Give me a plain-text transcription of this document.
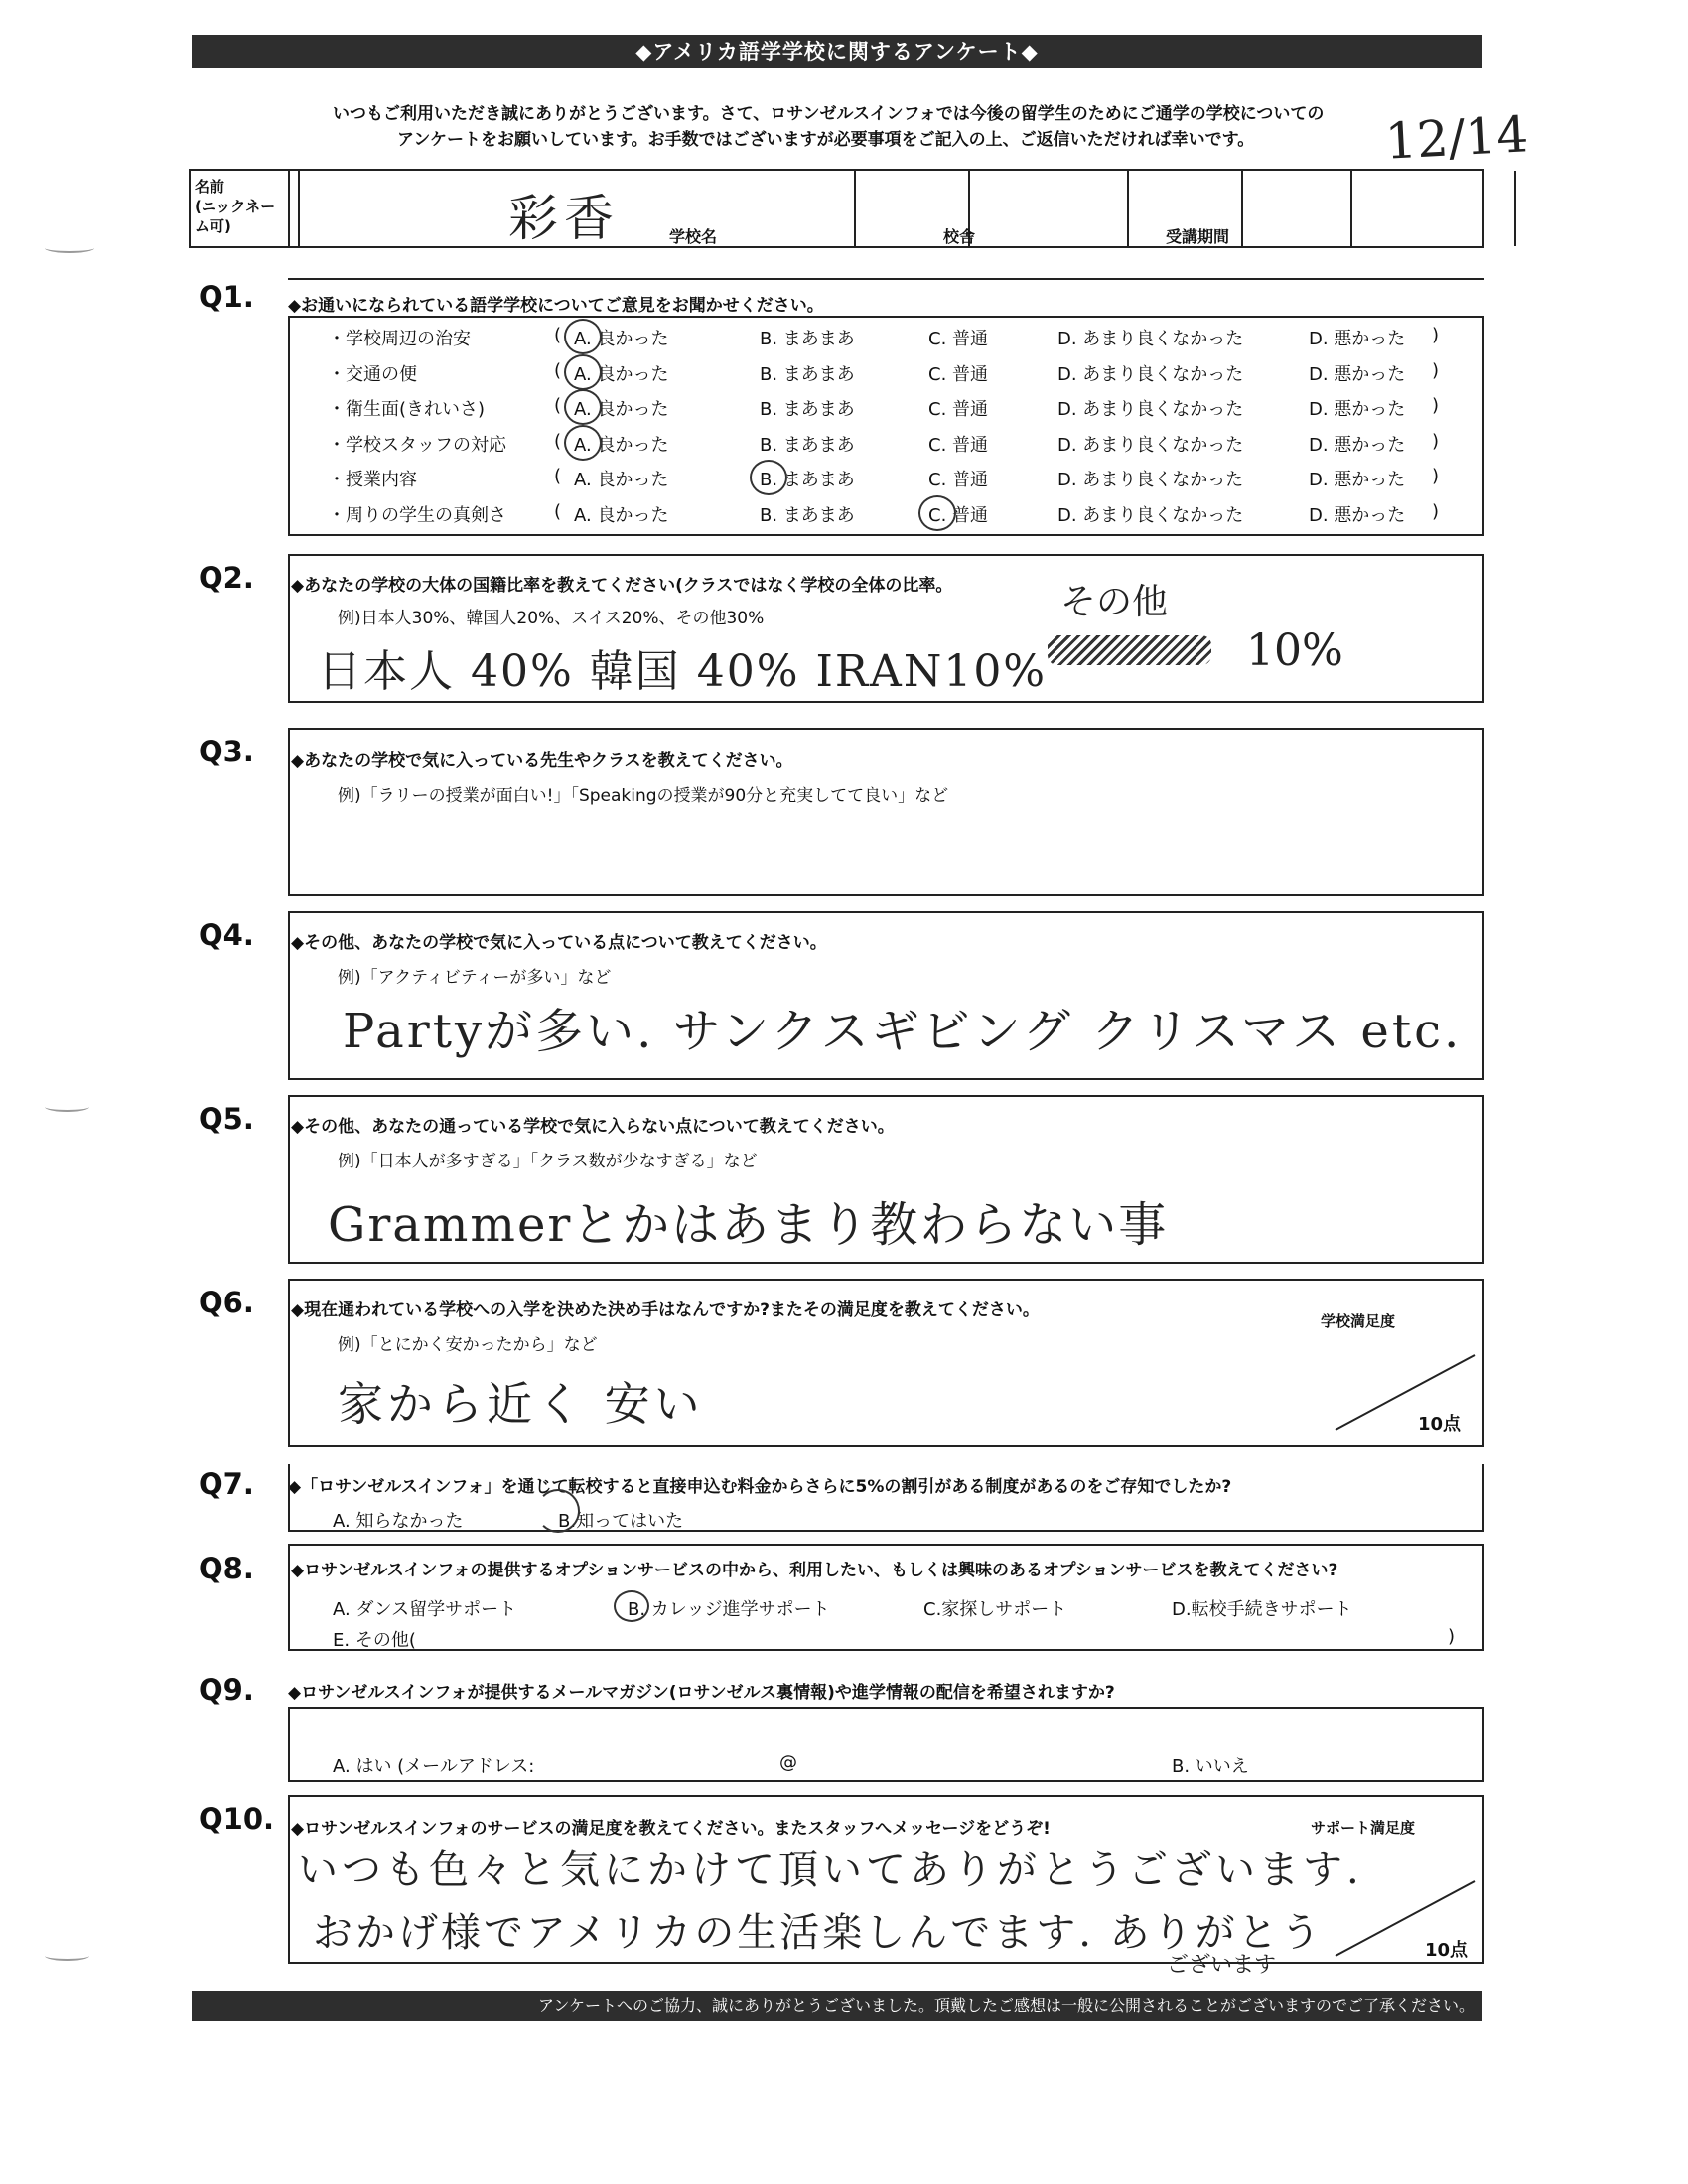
◆アメリカ語学学校に関するアンケート◆
いつもご利用いただき誠にありがとうございます。さて、ロサンゼルスインフォでは今後の留学生のためにご通学の学校についての
アンケートをお願いしています。お手数ではございますが必要事項をご記入の上、ご返信いただければ幸いです。	12/14
名前
(ニックネーム可)	彩香	学校名	校舎	受講期間
Q1. ◆お通いになられている語学学校についてご意見をお聞かせください。
・学校周辺の治安	( A. 良かった	B. まあまあ	C. 普通	D. あまり良くなかった	D. 悪かった )
・交通の便	( A. 良かった	B. まあまあ	C. 普通	D. あまり良くなかった	D. 悪かった )
・衛生面(きれいさ)	( A. 良かった	B. まあまあ	C. 普通	D. あまり良くなかった	D. 悪かった )
・学校スタッフの対応	( A. 良かった	B. まあまあ	C. 普通	D. あまり良くなかった	D. 悪かった )
・授業内容	( A. 良かった	B. まあまあ	C. 普通	D. あまり良くなかった	D. 悪かった )
・周りの学生の真剣さ	( A. 良かった	B. まあまあ	C. 普通	D. あまり良くなかった	D. 悪かった )
Q2. ◆あなたの学校の大体の国籍比率を教えてください(クラスではなく学校の全体の比率。
例)日本人30%、韓国人20%、スイス20%、その他30%
日本人 40% 韓国 40% IRAN10%
その他
10%
Q3. ◆あなたの学校で気に入っている先生やクラスを教えてください。
例)「ラリーの授業が面白い!」「Speakingの授業が90分と充実してて良い」など
Q4. ◆その他、あなたの学校で気に入っている点について教えてください。
例)「アクティビティーが多い」など
Partyが多い. サンクスギビング クリスマス etc.
Q5. ◆その他、あなたの通っている学校で気に入らない点について教えてください。
例)「日本人が多すぎる」「クラス数が少なすぎる」など
Grammerとかはあまり教わらない事
Q6. ◆現在通われている学校への入学を決めた決め手はなんですか?またその満足度を教えてください。
例)「とにかく安かったから」など
家から近く 安い
学校満足度
10点
Q7. ◆「ロサンゼルスインフォ」を通じて転校すると直接申込む料金からさらに5%の割引がある制度があるのをご存知でしたか?
A. 知らなかった	B.知ってはいた
Q8. ◆ロサンゼルスインフォの提供するオプションサービスの中から、利用したい、もしくは興味のあるオプションサービスを教えてください?
A. ダンス留学サポート	B. カレッジ進学サポート	C.家探しサポート	D.転校手続きサポート
E. その他(	)
Q9. ◆ロサンゼルスインフォが提供するメールマガジン(ロサンゼルス裏情報)や進学情報の配信を希望されますか?
A. はい (メールアドレス:	@	B. いいえ
Q10. ◆ロサンゼルスインフォのサービスの満足度を教えてください。またスタッフへメッセージをどうぞ!	サポート満足度
いつも色々と気にかけて頂いてありがとうございます.
おかげ様でアメリカの生活楽しんでます. ありがとう
ございます
10点
アンケートへのご協力、誠にありがとうございました。頂戴したご感想は一般に公開されることがございますのでご了承ください。
